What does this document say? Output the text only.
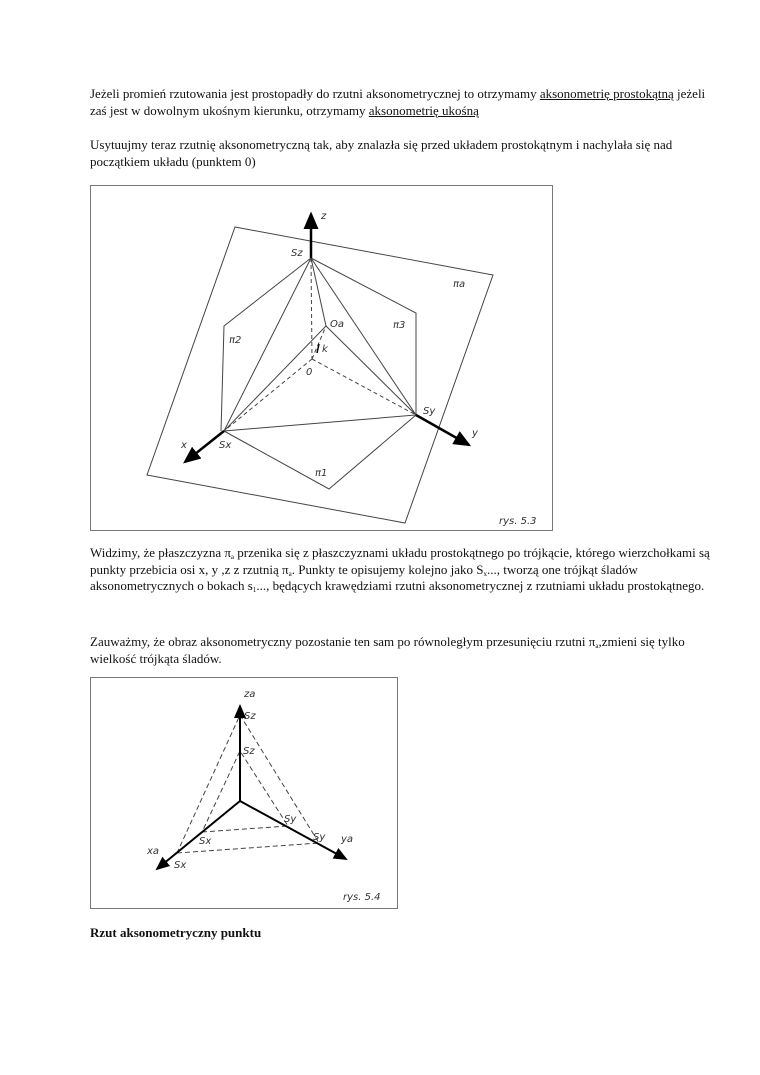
Jeżeli promień rzutowania jest prostopadły do rzutni aksonometrycznej to otrzymamy aksonometrię prostokątną jeżeli zaś jest w dowolnym ukośnym kierunku, otrzymamy aksonometrię ukośną
Usytuujmy teraz rzutnię aksonometryczną tak, aby znalazła się przed układem prostokątnym i nachylała się nad początkiem układu (punktem 0)
z
Sz
πa
π2
π3
Oa
k
0
Sy
y
x	Sx
π1
rys. 5.3
Widzimy, że płaszczyzna $\pi_a$ przenika się z płaszczyznami układu prostokątnego po trójkącie, którego wierzchołkami są punkty przebicia osi x, y ,z z rzutnią $\pi_a$. Punkty te opisujemy kolejno jako $S_x$..., tworzą one trójkąt śladów aksonometrycznych o bokach $s_1$..., będących krawędziami rzutni aksonometrycznej z rzutniami układu prostokątnego.
Zauważmy, że obraz aksonometryczny pozostanie ten sam po równoległym przesunięciu rzutni $\pi_a,zmieni$ się tylko wielkość trójkąta śladów.
za
Sz
Sz
Sy
Sy ya
xa
Sx
Sx
rys. 5.4
Rzut aksonometryczny punktu
